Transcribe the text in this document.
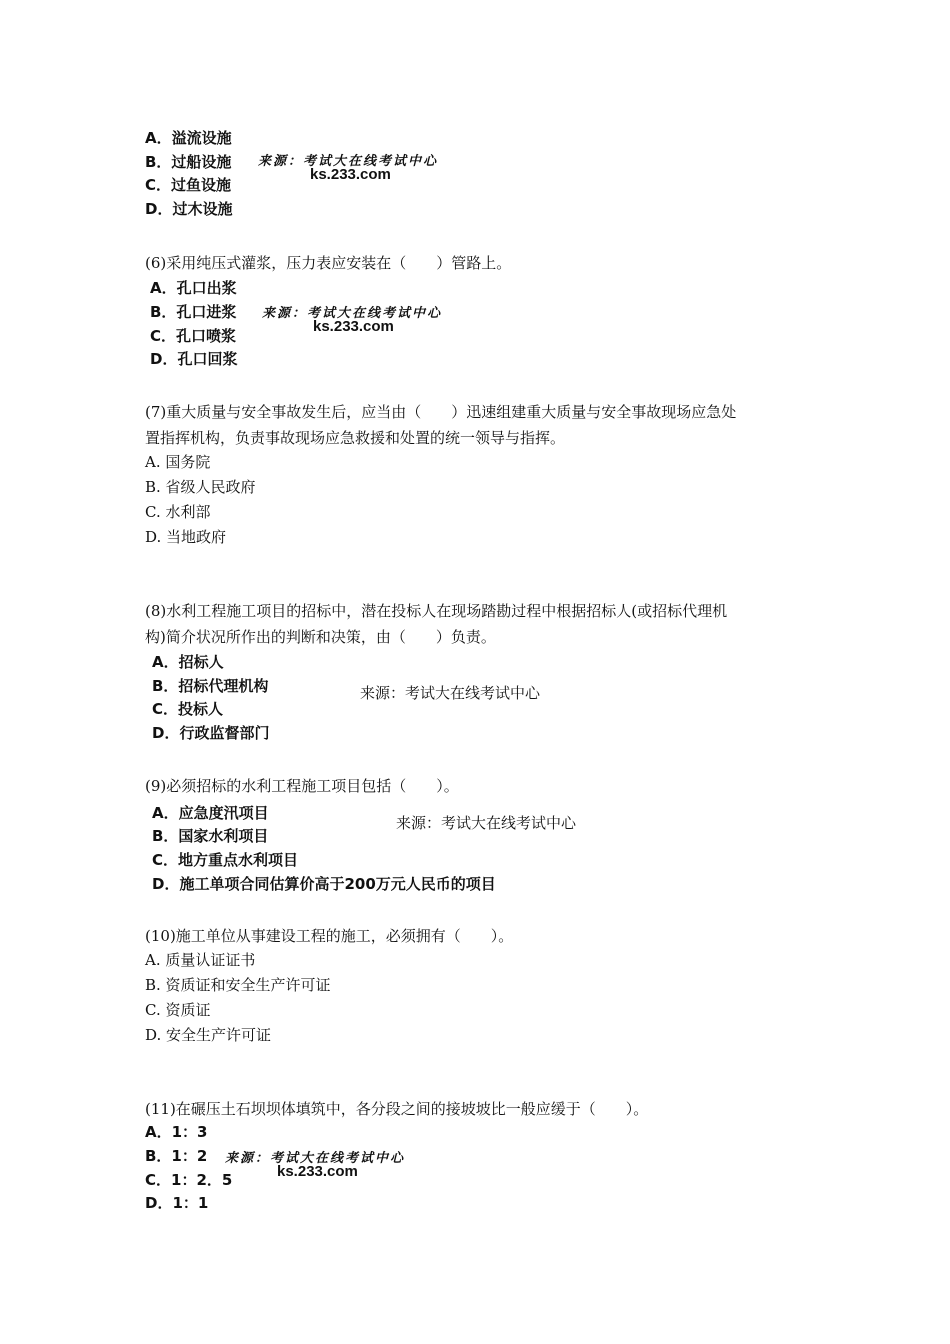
A．溢流设施
B．过船设施
C．过鱼设施
D．过木设施
来源：考试大在线考试中心
ks.233.com
(6)采用纯压式灌浆，压力表应安装在（　　）管路上。
A．孔口出浆
B．孔口进浆
C．孔口喷浆
D．孔口回浆
来源：考试大在线考试中心
ks.233.com
(7)重大质量与安全事故发生后，应当由（　　）迅速组建重大质量与安全事故现场应急处
置指挥机构，负责事故现场应急救援和处置的统一领导与指挥。
A. 国务院
B. 省级人民政府
C. 水利部
D. 当地政府
(8)水利工程施工项目的招标中，潜在投标人在现场踏勘过程中根据招标人(或招标代理机
构)简介状况所作出的判断和决策，由（　　）负责。
A．招标人
B．招标代理机构
C．投标人
D．行政监督部门
来源：考试大在线考试中心
(9)必须招标的水利工程施工项目包括（　　）。
A．应急度汛项目
B．国家水利项目
C．地方重点水利项目
D．施工单项合同估算价高于200万元人民币的项目
来源：考试大在线考试中心
(10)施工单位从事建设工程的施工，必须拥有（　　）。
A. 质量认证证书
B. 资质证和安全生产许可证
C. 资质证
D. 安全生产许可证
(11)在碾压土石坝坝体填筑中，各分段之间的接坡坡比一般应缓于（　　）。
A．1：3
B．1：2
C．1：2．5
D．1：1
来源：考试大在线考试中心
ks.233.com
